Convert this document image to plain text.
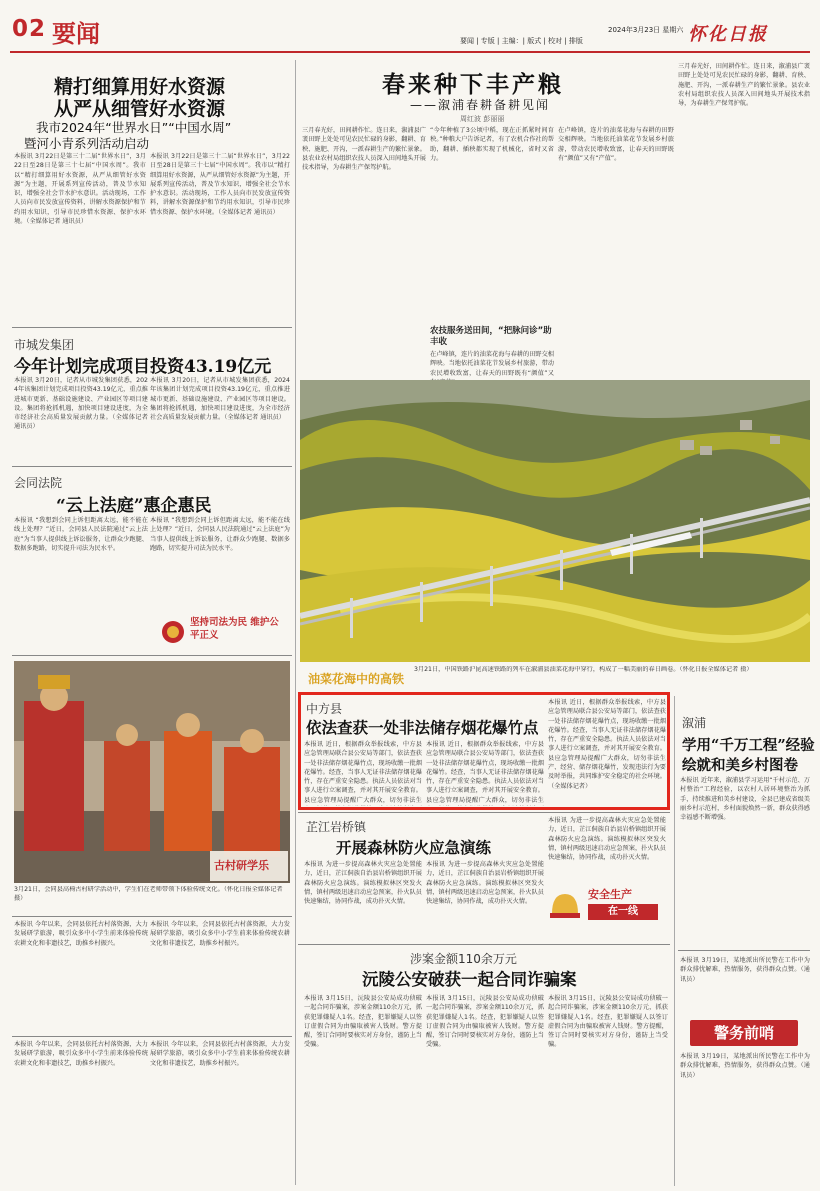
02 要闻	要闻 | 专版 | 主编：| 版式 | 校对 | 排版
2024年3月23日 星期六 怀化日报
精打细算用好水资源
从严从细管好水资源
我市2024年“世界水日”“中国水周”
暨河小青系列活动启动
本报讯 3月22日是第三十二届“世界水日”，3月22日至28日是第三十七届“中国水周”。我市以“精打细算用好水资源，从严从细管好水资源”为主题，开展系列宣传活动，普及节水知识，增强全社会节水护水意识。活动现场，工作人员向市民发放宣传资料，讲解水资源保护和节约用水知识，引导市民珍惜水资源、保护水环境。（全媒体记者 通讯员）
本报讯 3月22日是第三十二届“世界水日”，3月22日至28日是第三十七届“中国水周”。我市以“精打细算用好水资源，从严从细管好水资源”为主题，开展系列宣传活动，普及节水知识，增强全社会节水护水意识。活动现场，工作人员向市民发放宣传资料，讲解水资源保护和节约用水知识，引导市民珍惜水资源、保护水环境。（全媒体记者 通讯员）
市城发集团
今年计划完成项目投资43.19亿元
本报讯 3月20日，记者从市城发集团获悉，2024年该集团计划完成项目投资43.19亿元，重点推进城市更新、基础设施建设、产业园区等项目建设。集团将抢抓机遇，加快项目建设进度，为全市经济社会高质量发展贡献力量。（全媒体记者 通讯员）
本报讯 3月20日，记者从市城发集团获悉，2024年该集团计划完成项目投资43.19亿元，重点推进城市更新、基础设施建设、产业园区等项目建设。集团将抢抓机遇，加快项目建设进度，为全市经济社会高质量发展贡献力量。（全媒体记者 通讯员）
会同法院
“云上法庭”惠企惠民
本报讯 “我想到会同上诉但距离太远，能不能在线上处理？”近日，会同县人民法院通过“云上法庭”为当事人提供线上诉讼服务，让群众少跑腿、数据多跑路，切实提升司法为民水平。
本报讯 “我想到会同上诉但距离太远，能不能在线上处理？”近日，会同县人民法院通过“云上法庭”为当事人提供线上诉讼服务，让群众少跑腿、数据多跑路，切实提升司法为民水平。
坚持司法为民 维护公平正义
古村研学乐
3月21日，会同县高椅古村研学活动中，学生们在老师带领下体验传统文化。（怀化日报全媒体记者 摄）
本报讯 今年以来，会同县依托古村落资源，大力发展研学旅游，吸引众多中小学生前来体验传统农耕文化和非遗技艺，助推乡村振兴。
本报讯 今年以来，会同县依托古村落资源，大力发展研学旅游，吸引众多中小学生前来体验传统农耕文化和非遗技艺，助推乡村振兴。
本报讯 今年以来，会同县依托古村落资源，大力发展研学旅游，吸引众多中小学生前来体验传统农耕文化和非遗技艺，助推乡村振兴。
本报讯 今年以来，会同县依托古村落资源，大力发展研学旅游，吸引众多中小学生前来体验传统农耕文化和非遗技艺，助推乡村振兴。
春来种下丰产粮
——溆浦春耕备耕见闻
周红波 彭丽丽
三月春光好，田间耕作忙。连日来，溆浦县广袤田野上处处可见农民忙碌的身影，翻耕、育秧、施肥、开沟，一派春耕生产的繁忙景象。县农业农村局组织农技人员深入田间地头开展技术指导，为春耕生产保驾护航。
“今年种植了3公顷中稻，现在正抓紧时间育秧。”种粮大户告诉记者，有了农机合作社的帮助，翻耕、插秧都实现了机械化，省时又省力。
农技服务送田间，“把脉问诊”助丰收
在卢峰镇，连片的油菜花海与春耕的田野交相辉映。当地依托油菜花节发展乡村旅游，带动农民增收致富，让春天的田野既有“颜值”又
在卢峰镇，连片的油菜花海与春耕的田野交相辉映。当地依托油菜花节发展乡村旅游，带动农民增收致富，让春天的田野既有“颜值”又有“产值”。
三月春光好，田间耕作忙。连日来，溆浦县广袤田野上处处可见农民忙碌的身影，翻耕、育秧、施肥、开沟，一派春耕生产的繁忙景象。县农业农村局组织农技人员深入田间地头开展技术指导，为春耕生产保驾护航。
油菜花海中的高铁
3月21日，中国铁路沪昆高速铁路的列车在溆浦县油菜花海中穿行，构成了一幅美丽的春日画卷。（怀化日报全媒体记者 摄）
中方县
依法查获一处非法储存烟花爆竹点
本报讯 近日，根据群众举报线索，中方县应急管理局联合县公安局等部门，依法查获一处非法储存烟花爆竹点，现场收缴一批烟花爆竹。经查，当事人无证非法储存烟花爆竹，存在严重安全隐患。执法人员依法对当事人进行立案调查，并对其开展安全教育。县应急管理局提醒广大群众，切勿非法生
本报讯 近日，根据群众举报线索，中方县应急管理局联合县公安局等部门，依法查获一处非法储存烟花爆竹点，现场收缴一批烟花爆竹。经查，当事人无证非法储存烟花爆竹，存在严重安全隐患。执法人员依法对当事人进行立案调查，并对其开展安全教育。县应急管理局提醒广大群众，切勿非法生
本报讯 近日，根据群众举报线索，中方县应急管理局联合县公安局等部门，依法查获一处非法储存烟花爆竹点，现场收缴一批烟花爆竹。经查，当事人无证非法储存烟花爆竹，存在严重安全隐患。执法人员依法对当事人进行立案调查，并对其开展安全教育。县应急管理局提醒广大群众，切勿非法生产、经营、储存烟花爆竹，发现违法行为要及时举报，共同维护安全稳定的社会环境。（全媒体记者）
溆浦
学用“千万工程”经验
绘就和美乡村图卷
本报讯 近年来，溆浦县学习运用“千村示范、万村整治”工程经验，以农村人居环境整治为抓手，持续推进和美乡村建设，全县已建成省级美丽乡村示范村，乡村面貌焕然一新，群众获得感幸福感不断增强。
本报讯 3月19日，某地派出所民警在工作中为群众排忧解难，热情服务，获得群众点赞。（通讯员）
警务前哨
本报讯 3月19日，某地派出所民警在工作中为群众排忧解难，热情服务，获得群众点赞。（通讯员）
芷江岩桥镇
开展森林防火应急演练
本报讯 为进一步提高森林火灾应急处置能力，近日，芷江侗族自治县岩桥镇组织开展森林防火应急演练。演练模拟林区突发火情，镇村两级迅速启动应急预案，扑火队员快速集结，协同作战，成功扑灭火情。
本报讯 为进一步提高森林火灾应急处置能力，近日，芷江侗族自治县岩桥镇组织开展森林防火应急演练。演练模拟林区突发火情，镇村两级迅速启动应急预案，扑火队员快速集结，协同作战，成功扑灭火情。
本报讯 为进一步提高森林火灾应急处置能力，近日，芷江侗族自治县岩桥镇组织开展森林防火应急演练。演练模拟林区突发火情，镇村两级迅速启动应急预案，扑火队员快速集结，协同作战，成功扑灭火情。
安全生产
在一线
涉案金额110余万元
沅陵公安破获一起合同诈骗案
本报讯 3月15日，沅陵县公安局成功侦破一起合同诈骗案，涉案金额110余万元，抓获犯罪嫌疑人1名。经查，犯罪嫌疑人以签订虚假合同为由骗取被害人钱财。警方提醒，签订合同时要核实对方身份，谨防上当受骗。
本报讯 3月15日，沅陵县公安局成功侦破一起合同诈骗案，涉案金额110余万元，抓获犯罪嫌疑人1名。经查，犯罪嫌疑人以签订虚假合同为由骗取被害人钱财。警方提醒，签订合同时要核实对方身份，谨防上当受骗。
本报讯 3月15日，沅陵县公安局成功侦破一起合同诈骗案，涉案金额110余万元，抓获犯罪嫌疑人1名。经查，犯罪嫌疑人以签订虚假合同为由骗取被害人钱财。警方提醒，签订合同时要核实对方身份，谨防上当受骗。
